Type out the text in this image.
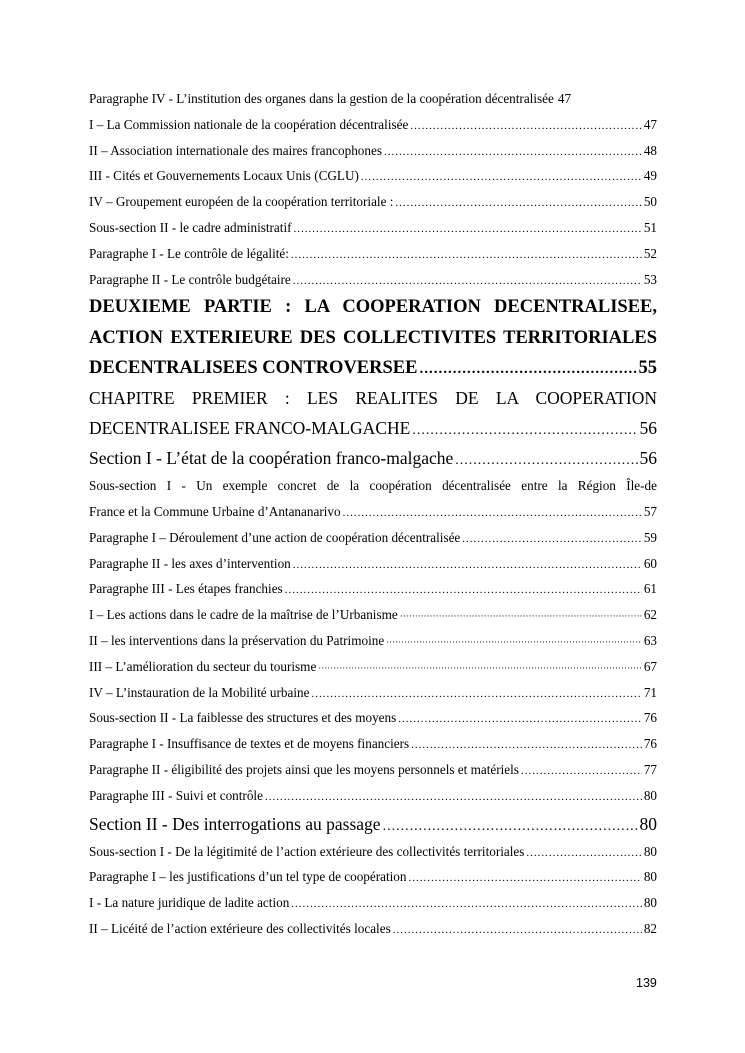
Paragraphe IV - L’institution des organes dans la gestion de la coopération décentralisée 47
I – La Commission nationale de la coopération décentralisée .....	47
II – Association internationale des maires francophones .....	48
III - Cités et Gouvernements Locaux Unis (CGLU) .....	49
IV – Groupement européen de la coopération territoriale : .....	50
Sous-section II - le cadre administratif .....	51
Paragraphe I - Le contrôle de légalité: .....	52
Paragraphe II - Le contrôle budgétaire .....	53
DEUXIEME PARTIE : LA COOPERATION DECENTRALISEE,
ACTION EXTERIEURE DES COLLECTIVITES TERRITORIALES
DECENTRALISEES CONTROVERSEE .....	55
CHAPITRE PREMIER : LES REALITES DE LA COOPERATION
DECENTRALISEE FRANCO-MALGACHE .....	56
Section I - L’état de la coopération franco-malgache .....	56
Sous-section I - Un exemple concret de la coopération décentralisée entre la Région Île-de
France et la Commune Urbaine d’Antananarivo .....	57
Paragraphe I – Déroulement d’une action de coopération décentralisée .....	59
Paragraphe II - les axes d’intervention .....	60
Paragraphe III - Les étapes franchies .....	61
I – Les actions dans le cadre de la maîtrise de l’Urbanisme ·····	62
II – les interventions dans la préservation du Patrimoine ·····	63
III – L’amélioration du secteur du tourisme ·····	67
IV – L’instauration de la Mobilité urbaine .....	71
Sous-section II - La faiblesse des structures et des moyens .....	76
Paragraphe I - Insuffisance de textes et de moyens financiers .....	76
Paragraphe II - éligibilité des projets ainsi que les moyens personnels et matériels .....	77
Paragraphe III - Suivi et contrôle .....	80
Section II - Des interrogations au passage .....	80
Sous-section I - De la légitimité de l’action extérieure des collectivités territoriales .....	80
Paragraphe I – les justifications d’un tel type de coopération .....	80
I - La nature juridique de ladite action .....	80
II – Licéité de l’action extérieure des collectivités locales .....	82
139
